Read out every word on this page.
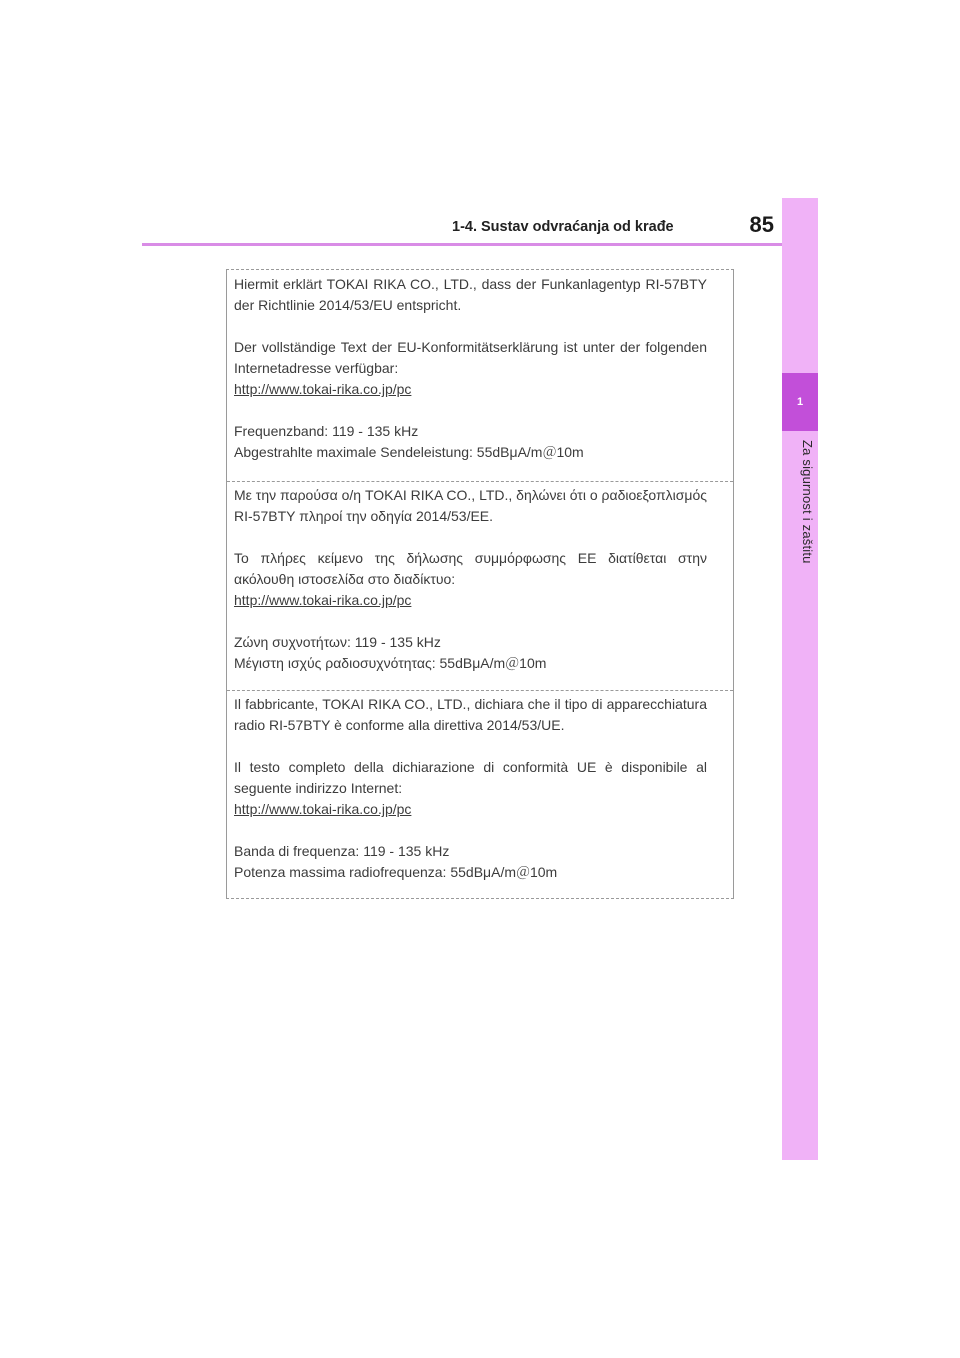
1-4. Sustav odvraćanja od krađe	85
1
Za sigurnost i zaštitu

Hiermit erklärt TOKAI RIKA CO., LTD., dass der Funkanlagentyp RI-57BTY der Richtlinie 2014/53/EU entspricht.

Der vollständige Text der EU-Konformitätserklärung ist unter der folgenden Internetadresse verfügbar:

http://www.tokai-rika.co.jp/pc
Frequenzband: 119 - 135 kHz
Abgestrahlte maximale Sendeleistung: 55dBμA/m＠10m

Με την παρούσα ο/η TOKAI RIKA CO., LTD., δηλώνει ότι ο ραδιοεξοπλισμός RI-57BTY πληροί την οδηγία 2014/53/ΕΕ.

Το πλήρες κείμενο της δήλωσης συμμόρφωσης ΕΕ διατίθεται στην ακόλουθη ιστοσελίδα στο διαδίκτυο:

http://www.tokai-rika.co.jp/pc
Ζώνη συχνοτήτων: 119 - 135 kHz
Μέγιστη ισχύς ραδιοσυχνότητας: 55dBμA/m＠10m

Il fabbricante, TOKAI RIKA CO., LTD., dichiara che il tipo di apparecchiatura radio RI-57BTY è conforme alla direttiva 2014/53/UE.

Il testo completo della dichiarazione di conformità UE è disponibile al seguente indirizzo Internet:

http://www.tokai-rika.co.jp/pc
Banda di frequenza: 119 - 135 kHz
Potenza massima radiofrequenza: 55dBμA/m＠10m
